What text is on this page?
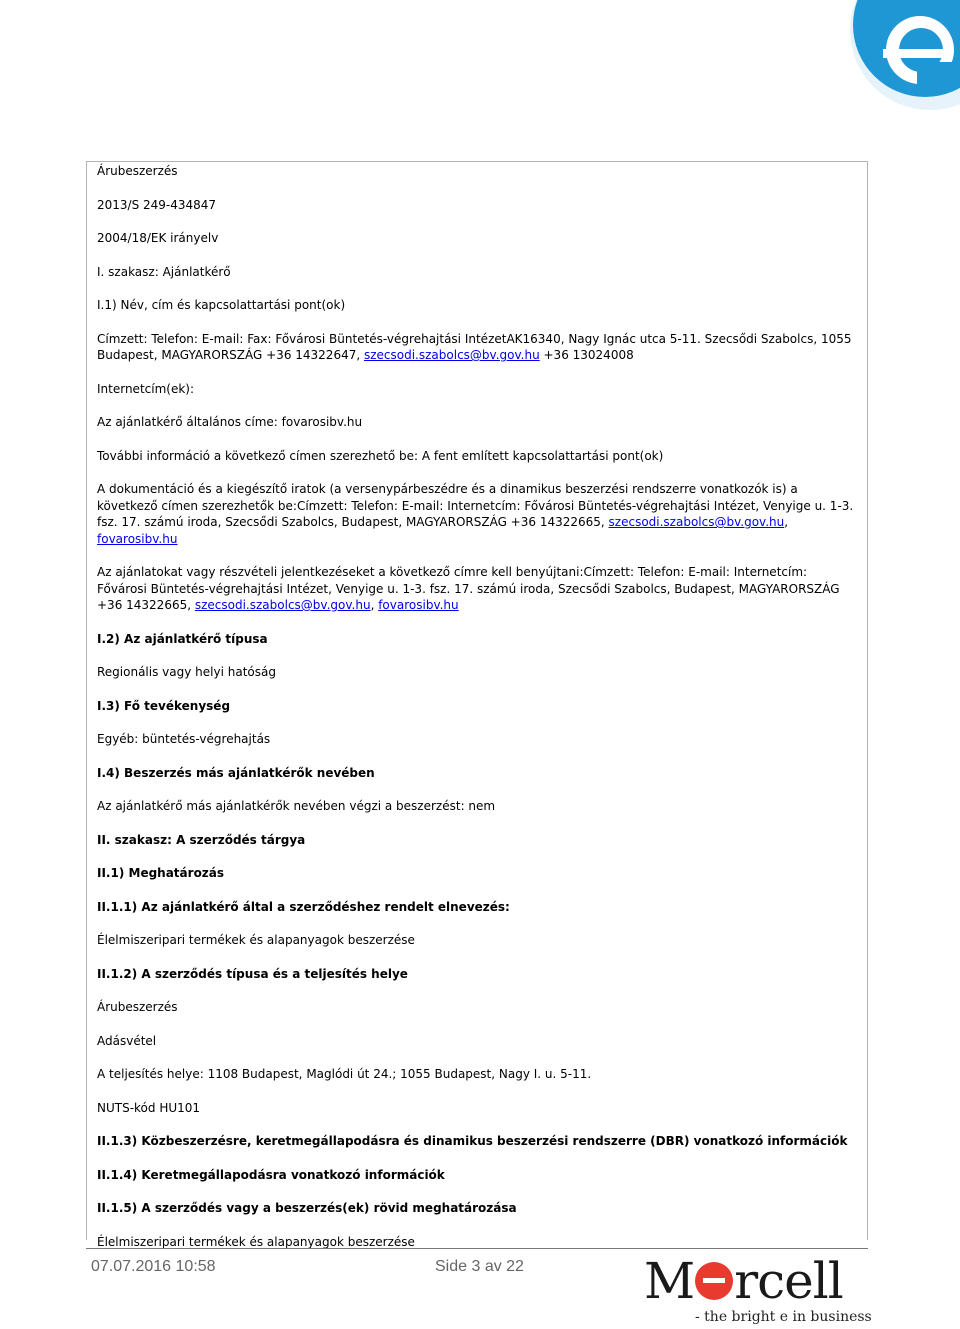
Árubeszerzés

2013/S 249-434847

2004/18/EK irányelv

I. szakasz: Ajánlatkérő

I.1) Név, cím és kapcsolattartási pont(ok)

Címzett: Telefon: E-mail: Fax: Fővárosi Büntetés-végrehajtási IntézetAK16340, Nagy Ignác utca 5-11. Szecsődi Szabolcs, 1055 Budapest, MAGYARORSZÁG +36 14322647, szecsodi.szabolcs@bv.gov.hu +36 13024008

Internetcím(ek):

Az ajánlatkérő általános címe: fovarosibv.hu

További információ a következő címen szerezhető be: A fent említett kapcsolattartási pont(ok)

A dokumentáció és a kiegészítő iratok (a versenypárbeszédre és a dinamikus beszerzési rendszerre vonatkozók is) a következő címen szerezhetők be:Címzett: Telefon: E-mail: Internetcím: Fővárosi Büntetés-végrehajtási Intézet, Venyige u. 1-3. fsz. 17. számú iroda, Szecsődi Szabolcs, Budapest, MAGYARORSZÁG +36 14322665, szecsodi.szabolcs@bv.gov.hu, fovarosibv.hu

Az ajánlatokat vagy részvételi jelentkezéseket a következő címre kell benyújtani:Címzett: Telefon: E-mail: Internetcím: Fővárosi Büntetés-végrehajtási Intézet, Venyige u. 1-3. fsz. 17. számú iroda, Szecsődi Szabolcs, Budapest, MAGYARORSZÁG +36 14322665, szecsodi.szabolcs@bv.gov.hu, fovarosibv.hu

I.2) Az ajánlatkérő típusa

Regionális vagy helyi hatóság

I.3) Fő tevékenység

Egyéb: büntetés-végrehajtás

I.4) Beszerzés más ajánlatkérők nevében

Az ajánlatkérő más ajánlatkérők nevében végzi a beszerzést: nem

II. szakasz: A szerződés tárgya

II.1) Meghatározás

II.1.1) Az ajánlatkérő által a szerződéshez rendelt elnevezés:

Élelmiszeripari termékek és alapanyagok beszerzése

II.1.2) A szerződés típusa és a teljesítés helye

Árubeszerzés

Adásvétel

A teljesítés helye: 1108 Budapest, Maglódi út 24.; 1055 Budapest, Nagy I. u. 5-11.

NUTS-kód HU101

II.1.3) Közbeszerzésre, keretmegállapodásra és dinamikus beszerzési rendszerre (DBR) vonatkozó információk

II.1.4) Keretmegállapodásra vonatkozó információk

II.1.5) A szerződés vagy a beszerzés(ek) rövid meghatározása

Élelmiszeripari termékek és alapanyagok beszerzése

07.07.2016 10:58	Side 3 av 22 M rcell
- the bright e in business
